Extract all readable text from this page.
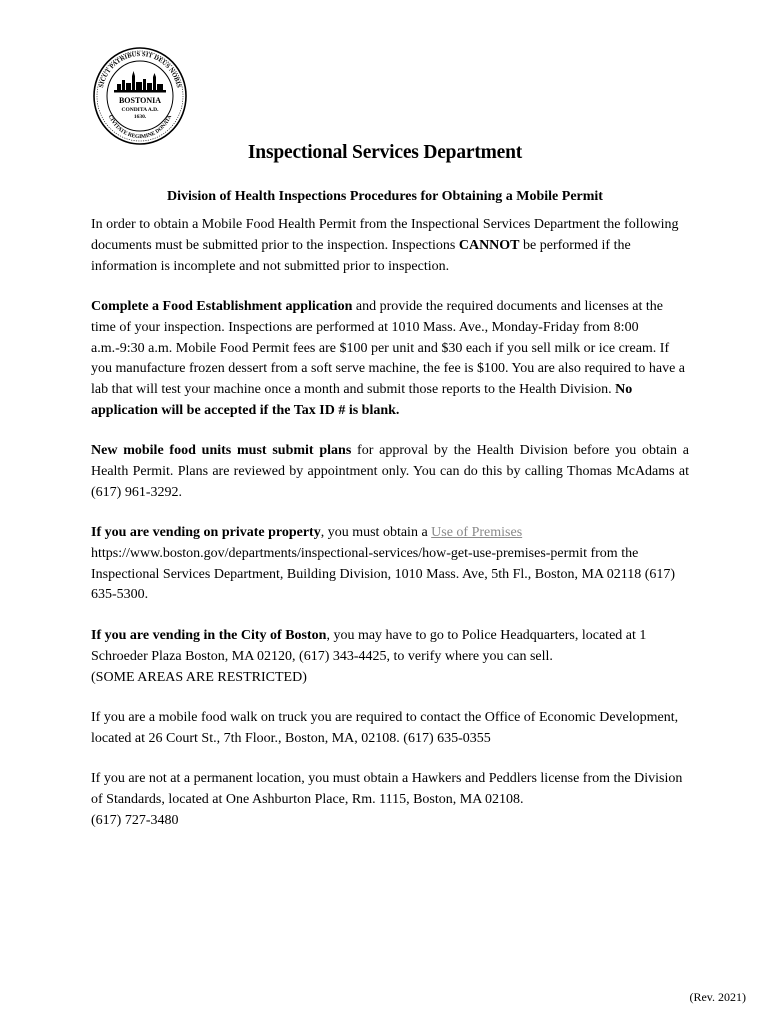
SICUT PATRIBUS SIT DEUS NOBIS
CIVITATE REGIMINE DONATA
BOSTONIA
CONDITA A.D.
1630.
Inspectional Services Department
Division of Health Inspections Procedures for Obtaining a Mobile Permit

In order to obtain a Mobile Food Health Permit from the Inspectional Services Department the following documents must be submitted prior to the inspection. Inspections CANNOT be performed if the information is incomplete and not submitted prior to inspection.

Complete a Food Establishment application and provide the required documents and licenses at the time of your inspection. Inspections are performed at 1010 Mass. Ave., Monday-Friday from 8:00 a.m.-9:30 a.m. Mobile Food Permit fees are $100 per unit and $30 each if you sell milk or ice cream. If you manufacture frozen dessert from a soft serve machine, the fee is $100. You are also required to have a lab that will test your machine once a month and submit those reports to the Health Division. No application will be accepted if the Tax ID # is blank.

New mobile food units must submit plans for approval by the Health Division before you obtain a Health Permit. Plans are reviewed by appointment only. You can do this by calling Thomas McAdams at (617) 961-3292.

If you are vending on private property, you must obtain a Use of Premises
https://www.boston.gov/departments/inspectional-services/how-get-use-premises-permit from the Inspectional Services Department, Building Division, 1010 Mass. Ave, 5th Fl., Boston, MA 02118 (617) 635-5300.

If you are vending in the City of Boston, you may have to go to Police Headquarters, located at 1 Schroeder Plaza Boston, MA 02120, (617) 343-4425, to verify where you can sell.
(SOME AREAS ARE RESTRICTED)

If you are a mobile food walk on truck you are required to contact the Office of Economic Development, located at 26 Court St., 7th Floor., Boston, MA, 02108. (617) 635-0355

If you are not at a permanent location, you must obtain a Hawkers and Peddlers license from the Division of Standards, located at One Ashburton Place, Rm. 1115, Boston, MA 02108.
(617) 727-3480

(Rev. 2021)
